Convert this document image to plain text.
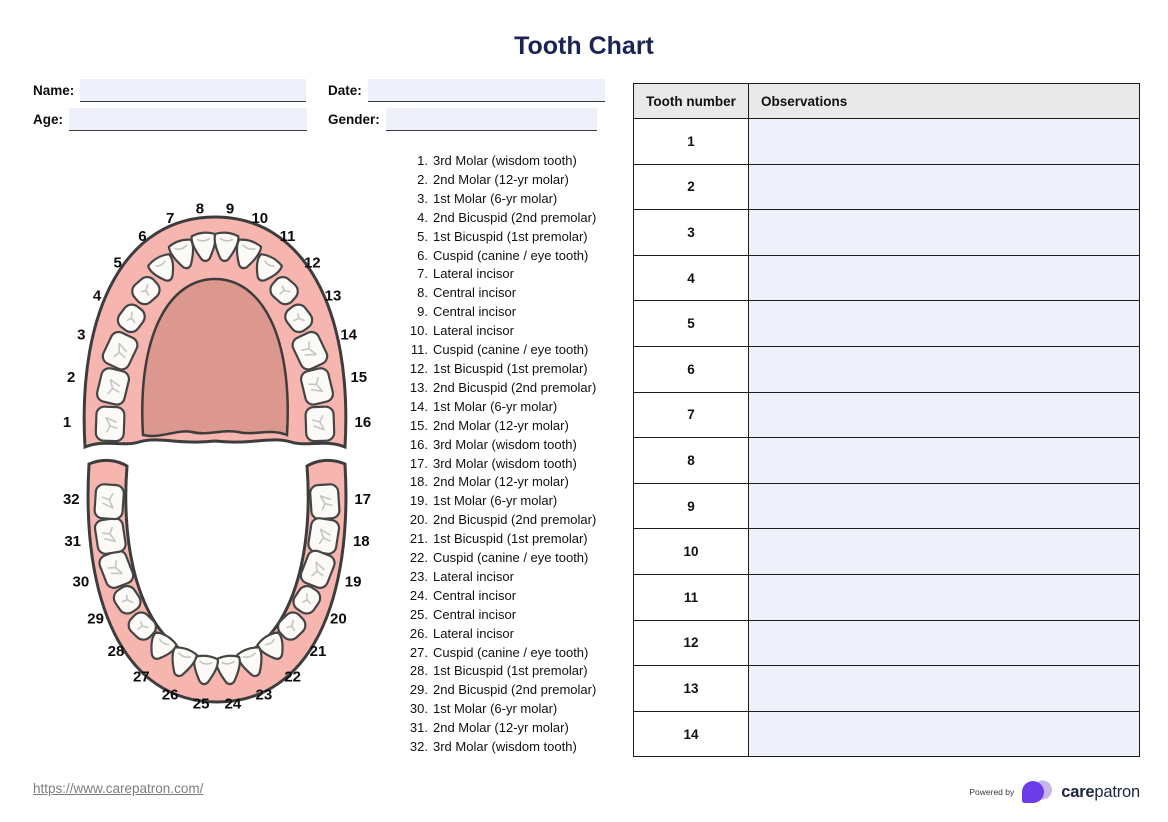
Tooth Chart
Name:	Date:
Age:	Gender:
1
2
3
4
5
6
7
8 9
10
11
12
13
14
15
16
17
18
19
20
21
22
23
24
25
26
27
28
29
30
31
32
1. 3rd Molar (wisdom tooth)
2. 2nd Molar (12-yr molar)
3. 1st Molar (6-yr molar)
4. 2nd Bicuspid (2nd premolar)
5. 1st Bicuspid (1st premolar)
6. Cuspid (canine / eye tooth)
7. Lateral incisor
8. Central incisor
9. Central incisor
10. Lateral incisor
11. Cuspid (canine / eye tooth)
12. 1st Bicuspid (1st premolar)
13. 2nd Bicuspid (2nd premolar)
14. 1st Molar (6-yr molar)
15. 2nd Molar (12-yr molar)
16. 3rd Molar (wisdom tooth)
17. 3rd Molar (wisdom tooth)
18. 2nd Molar (12-yr molar)
19. 1st Molar (6-yr molar)
20. 2nd Bicuspid (2nd premolar)
21. 1st Bicuspid (1st premolar)
22. Cuspid (canine / eye tooth)
23. Lateral incisor
24. Central incisor
25. Central incisor
26. Lateral incisor
27. Cuspid (canine / eye tooth)
28. 1st Bicuspid (1st premolar)
29. 2nd Bicuspid (2nd premolar)
30. 1st Molar (6-yr molar)
31. 2nd Molar (12-yr molar)
32. 3rd Molar (wisdom tooth)
Tooth number	Observations
1	
2	
3	
4	
5	
6	
7	
8	
9	
10	
11	
12	
13	
14	
https://www.carepatron.com/	Powered by	carepatron
